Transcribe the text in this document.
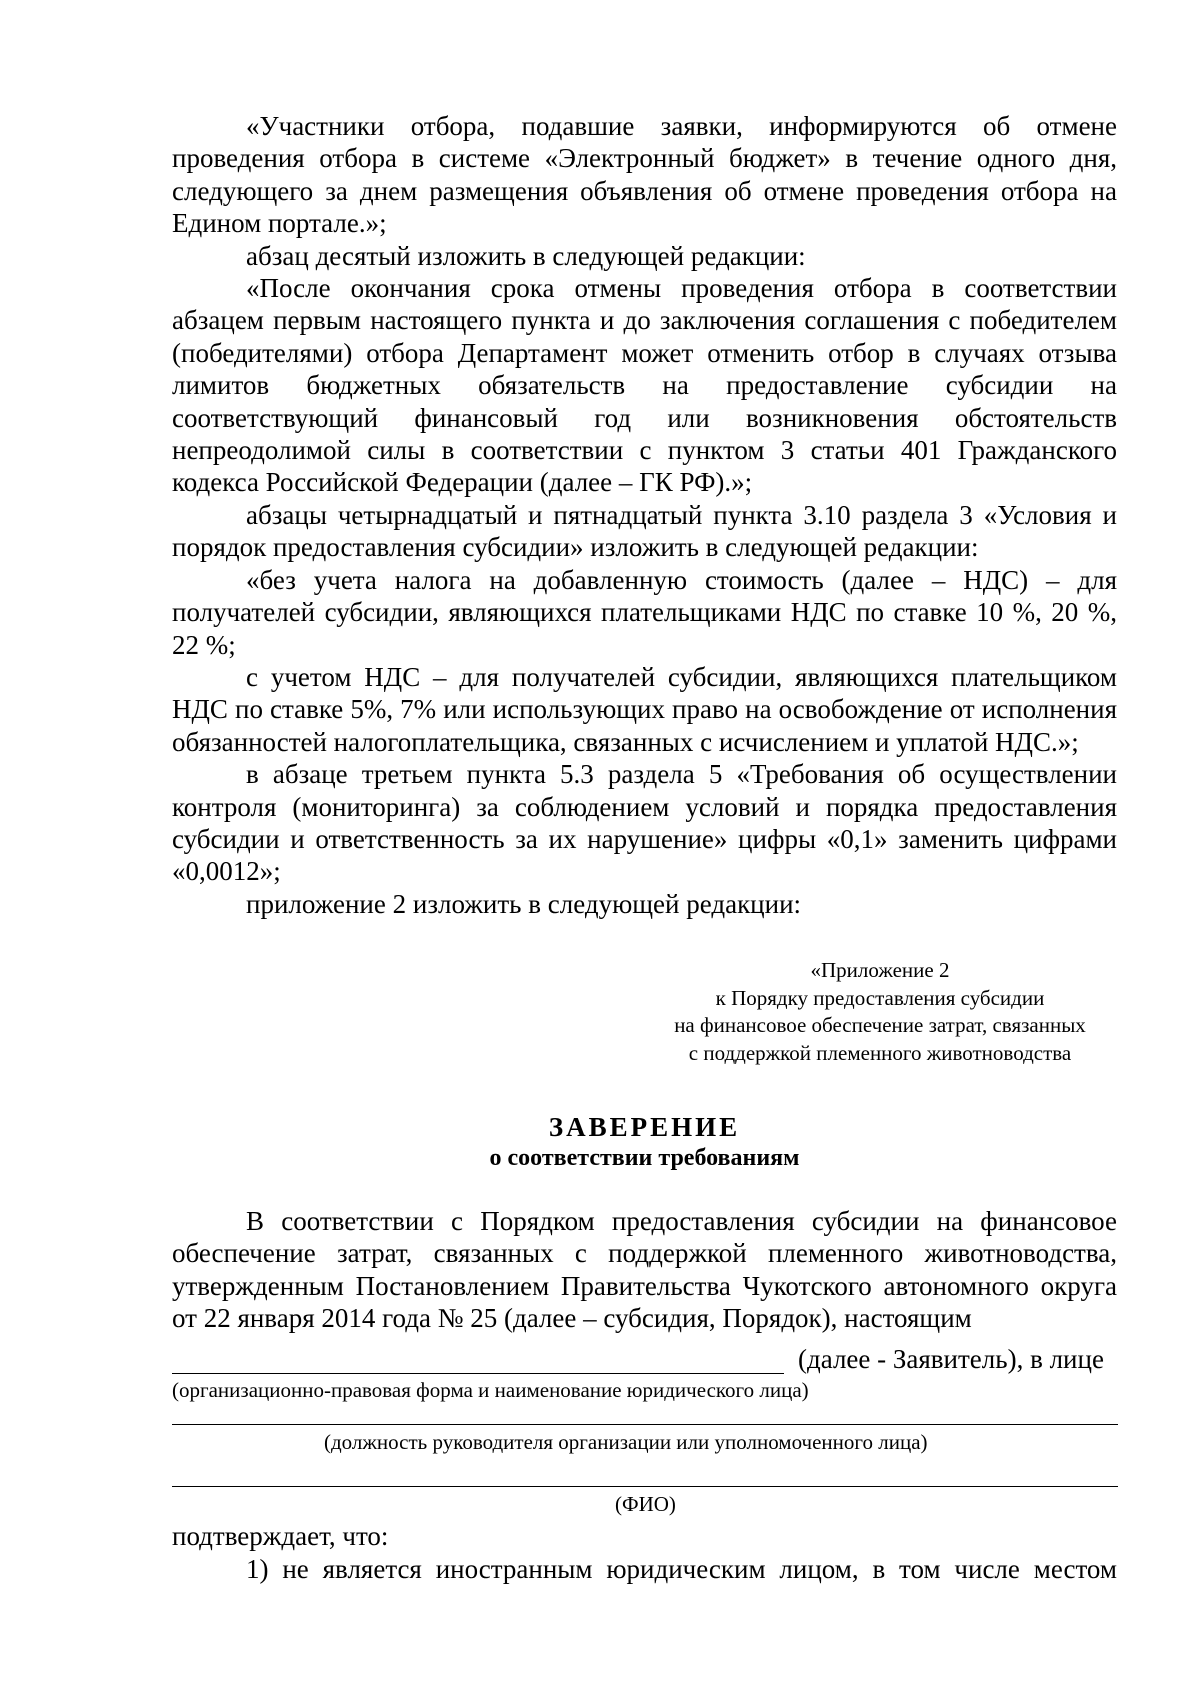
«Участники отбора, подавшие заявки, информируются об отмене проведения отбора в системе «Электронный бюджет» в течение одного дня, следующего за днем размещения объявления об отмене проведения отбора на Едином портале.»;

абзац десятый изложить в следующей редакции:

«После окончания срока отмены проведения отбора в соответствии абзацем первым настоящего пункта и до заключения соглашения с победителем (победителями) отбора Департамент может отменить отбор в случаях отзыва лимитов бюджетных обязательств на предоставление субсидии на соответствующий финансовый год или возникновения обстоятельств непреодолимой силы в соответствии с пунктом 3 статьи 401 Гражданского кодекса Российской Федерации (далее – ГК РФ).»;

абзацы четырнадцатый и пятнадцатый пункта 3.10 раздела 3 «Условия и порядок предоставления субсидии» изложить в следующей редакции:

«без учета налога на добавленную стоимость (далее – НДС) – для получателей субсидии, являющихся плательщиками НДС по ставке 10 %, 20 %, 22 %;

с учетом НДС – для получателей субсидии, являющихся плательщиком НДС по ставке 5%, 7% или использующих право на освобождение от исполнения обязанностей налогоплательщика, связанных с исчислением и уплатой НДС.»;

в абзаце третьем пункта 5.3 раздела 5 «Требования об осуществлении контроля (мониторинга) за соблюдением условий и порядка предоставления субсидии и ответственность за их нарушение» цифры «0,1» заменить цифрами «0,0012»;

приложение 2 изложить в следующей редакции:

«Приложение 2
к Порядку предоставления субсидии
на финансовое обеспечение затрат, связанных
с поддержкой племенного животноводства
ЗАВЕРЕНИЕ
о соответствии требованиям

В соответствии с Порядком предоставления субсидии на финансовое обеспечение затрат, связанных с поддержкой племенного животноводства, утвержденным Постановлением Правительства Чукотского автономного округа от 22 января 2014 года № 25 (далее – субсидия, Порядок), настоящим

(далее - Заявитель), в лице
(организационно-правовая форма и наименование юридического лица)
(должность руководителя организации или уполномоченного лица)
(ФИО)
подтверждает, что:
1) не является иностранным юридическим лицом, в том числе местом
